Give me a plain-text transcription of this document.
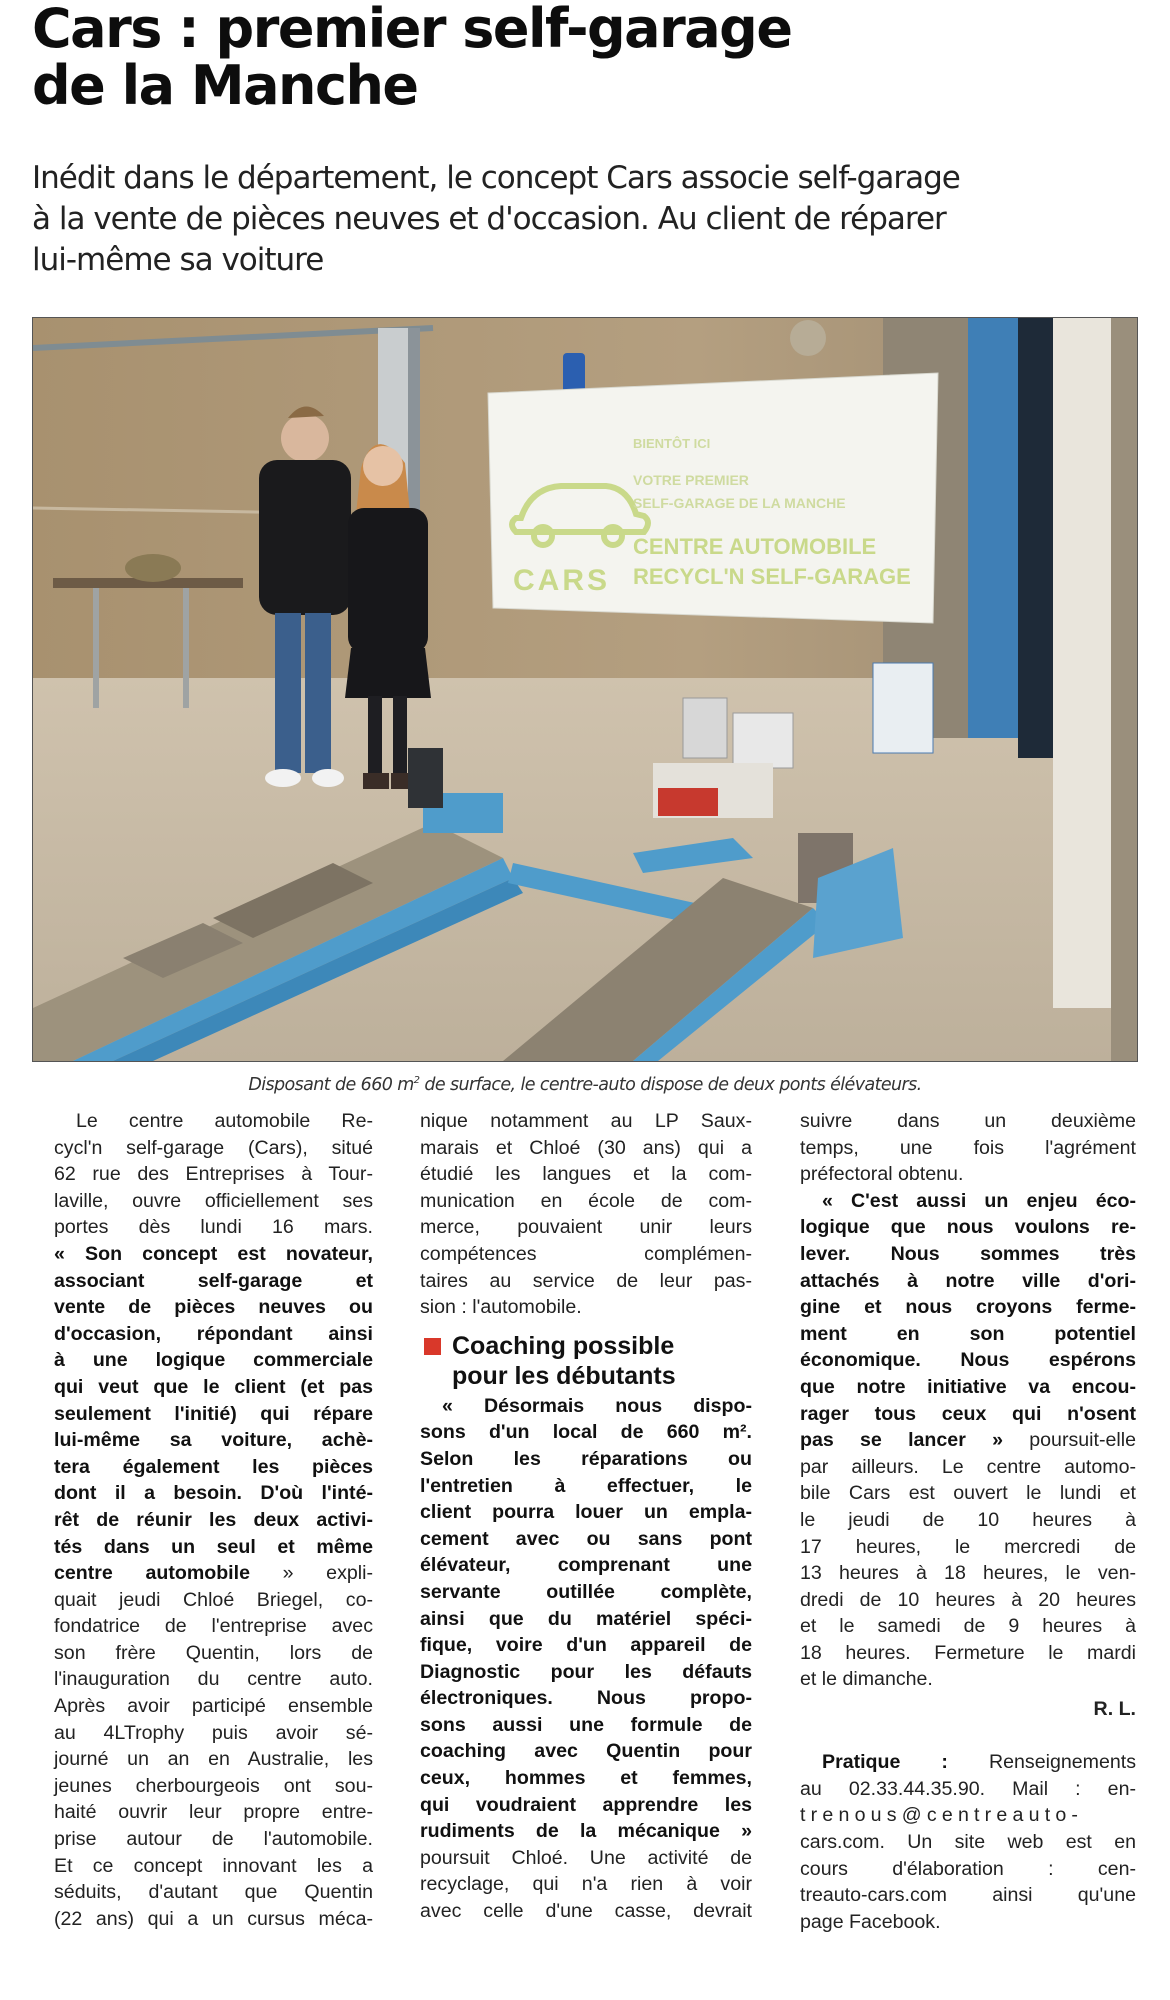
Cars : premier self-garage
de la Manche
Inédit dans le département, le concept Cars associe self-garage
à la vente de pièces neuves et d'occasion. Au client de réparer
lui-même sa voiture
CARS
BIENTÔT ICI
VOTRE PREMIER
SELF-GARAGE DE LA MANCHE
CENTRE AUTOMOBILE
RECYCL'N SELF-GARAGE
Disposant de 660 $m^2$ de surface, le centre-auto dispose de deux ponts élévateurs.
Le centre automobile Re-
cycl'n self-garage (Cars), situé
62 rue des Entreprises à Tour-
laville, ouvre officiellement ses
portes dès lundi 16 mars.
« Son concept est novateur,
associant self-garage et
vente de pièces neuves ou
d'occasion, répondant ainsi
à une logique commerciale
qui veut que le client (et pas
seulement l'initié) qui répare
lui-même sa voiture, achè-
tera également les pièces
dont il a besoin. D'où l'inté-
rêt de réunir les deux activi-
tés dans un seul et même
centre automobile » expli-
quait jeudi Chloé Briegel, co-
fondatrice de l'entreprise avec
son frère Quentin, lors de
l'inauguration du centre auto.
Après avoir participé ensemble
au 4LTrophy puis avoir sé-
journé un an en Australie, les
jeunes cherbourgeois ont sou-
haité ouvrir leur propre entre-
prise autour de l'automobile.
Et ce concept innovant les a
séduits, d'autant que Quentin
(22 ans) qui a un cursus méca-
nique notamment au LP Saux-
marais et Chloé (30 ans) qui a
étudié les langues et la com-
munication en école de com-
merce, pouvaient unir leurs
compétences complémen-
taires au service de leur pas-
sion : l'automobile.
Coaching possible
pour les débutants
« Désormais nous dispo-
sons d'un local de 660 m².
Selon les réparations ou
l'entretien à effectuer, le
client pourra louer un empla-
cement avec ou sans pont
élévateur, comprenant une
servante outillée complète,
ainsi que du matériel spéci-
fique, voire d'un appareil de
Diagnostic pour les défauts
électroniques. Nous propo-
sons aussi une formule de
coaching avec Quentin pour
ceux, hommes et femmes,
qui voudraient apprendre les
rudiments de la mécanique »
poursuit Chloé. Une activité de
recyclage, qui n'a rien à voir
avec celle d'une casse, devrait
suivre dans un deuxième
temps, une fois l'agrément
préfectoral obtenu.
« C'est aussi un enjeu éco-
logique que nous voulons re-
lever. Nous sommes très
attachés à notre ville d'ori-
gine et nous croyons ferme-
ment en son potentiel
économique. Nous espérons
que notre initiative va encou-
rager tous ceux qui n'osent
pas se lancer » poursuit-elle
par ailleurs. Le centre automo-
bile Cars est ouvert le lundi et
le jeudi de 10 heures à
17 heures, le mercredi de
13 heures à 18 heures, le ven-
dredi de 10 heures à 20 heures
et le samedi de 9 heures à
18 heures. Fermeture le mardi
et le dimanche.
R. L.
Pratique : Renseignements
au 02.33.44.35.90. Mail : en-
trenous@centreauto-
cars.com. Un site web est en
cours d'élaboration : cen-
treauto-cars.com ainsi qu'une
page Facebook.
